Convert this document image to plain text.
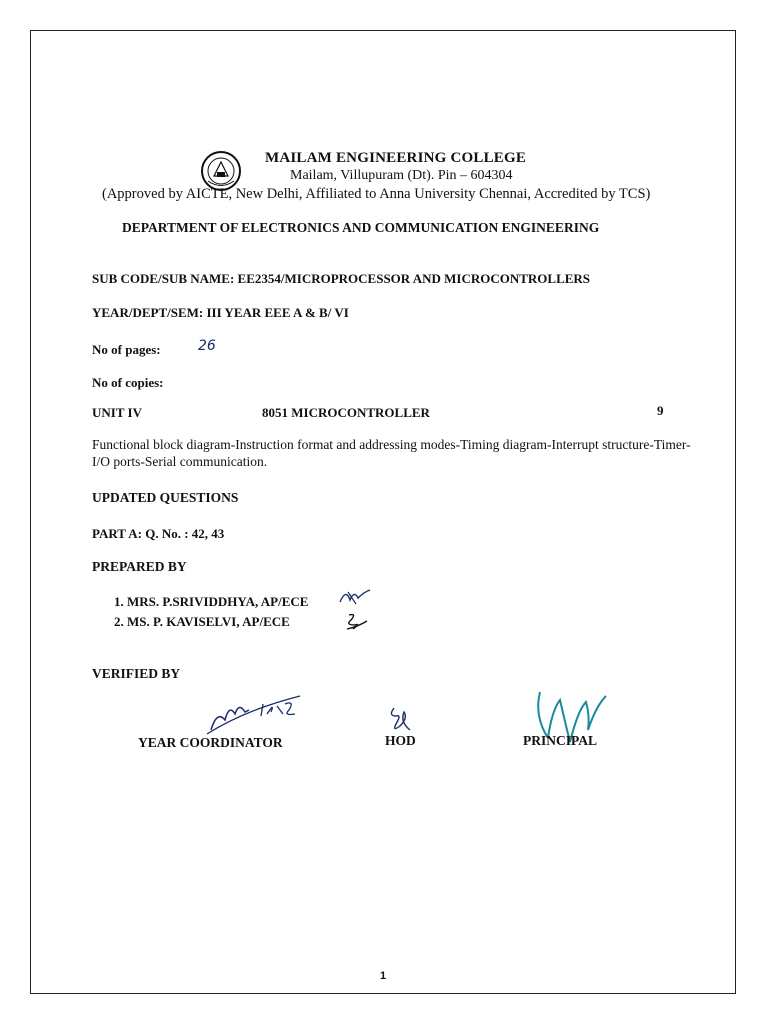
MAILAM ENGINEERING COLLEGE
Mailam, Villupuram (Dt). Pin – 604304
(Approved by AICTE, New Delhi, Affiliated to Anna University Chennai, Accredited by TCS)
DEPARTMENT OF ELECTRONICS AND COMMUNICATION ENGINEERING
SUB CODE/SUB NAME: EE2354/MICROPROCESSOR AND MICROCONTROLLERS
YEAR/DEPT/SEM: III YEAR EEE A & B/ VI
No of pages:	26
No of copies:
UNIT IV	8051 MICROCONTROLLER	9
Functional block diagram-Instruction format and addressing modes-Timing diagram-Interrupt structure-Timer-I/O ports-Serial communication.
UPDATED QUESTIONS
PART A: Q. No. : 42, 43
PREPARED BY
1. MRS. P.SRIVIDDHYA, AP/ECE
2. MS. P. KAVISELVI, AP/ECE
VERIFIED BY
YEAR COORDINATOR	HOD	PRINCIPAL
1
